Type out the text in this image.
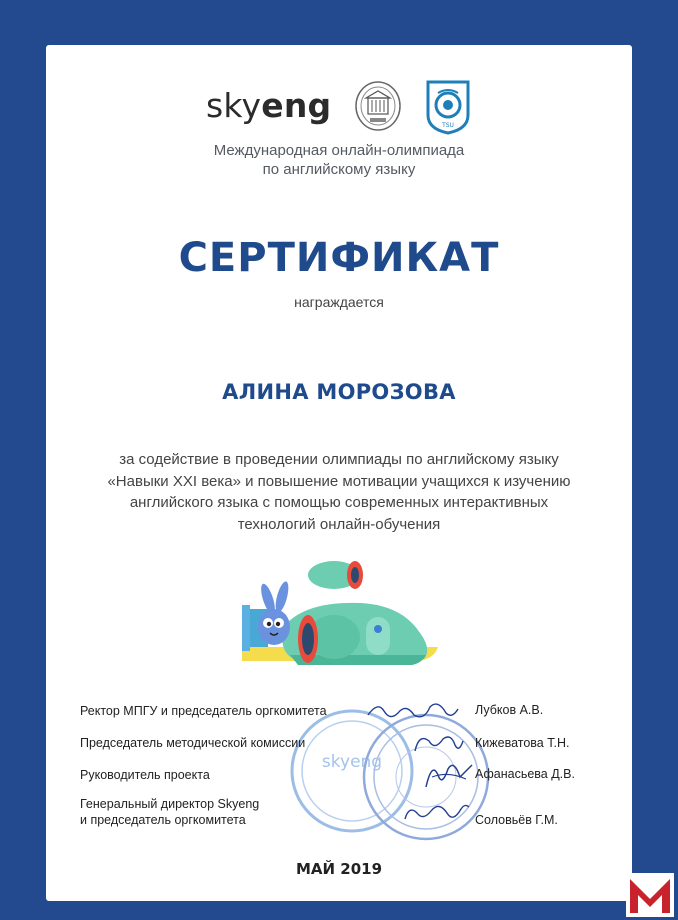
skyeng
TSU
Международная онлайн-олимпиада
по английскому языку
СЕРТИФИКАТ
награждается
АЛИНА МОРОЗОВА
за содействие в проведении олимпиады по английскому языку
«Навыки XXI века» и повышение мотивации учащихся к изучению
английского языка с помощью современных интерактивных
технологий онлайн-обучения
skyeng
Ректор МПГУ и председатель оргкомитета	Лубков А.В.
Председатель методической комиссии	Кижеватова Т.Н.
Руководитель проекта	Афанасьева Д.В.
Генеральный директор Skyeng
и председатель оргкомитета	Соловьёв Г.М.
МАЙ 2019
